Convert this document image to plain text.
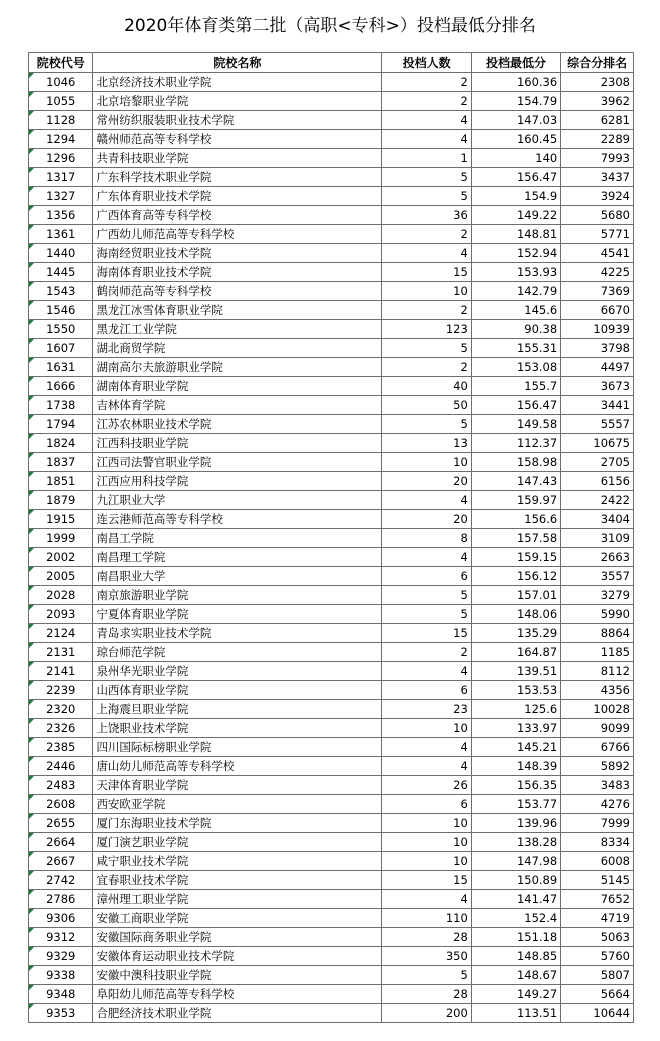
2020年体育类第二批（高职<专科>）投档最低分排名
院校代号	院校名称	投档人数	投档最低分	综合分排名
1046	北京经济技术职业学院	2	160.36	2308
1055	北京培黎职业学院	2	154.79	3962
1128	常州纺织服装职业技术学院	4	147.03	6281
1294	赣州师范高等专科学校	4	160.45	2289
1296	共青科技职业学院	1	140	7993
1317	广东科学技术职业学院	5	156.47	3437
1327	广东体育职业技术学院	5	154.9	3924
1356	广西体育高等专科学校	36	149.22	5680
1361	广西幼儿师范高等专科学校	2	148.81	5771
1440	海南经贸职业技术学院	4	152.94	4541
1445	海南体育职业技术学院	15	153.93	4225
1543	鹤岗师范高等专科学校	10	142.79	7369
1546	黑龙江冰雪体育职业学院	2	145.6	6670
1550	黑龙江工业学院	123	90.38	10939
1607	湖北商贸学院	5	155.31	3798
1631	湖南高尔夫旅游职业学院	2	153.08	4497
1666	湖南体育职业学院	40	155.7	3673
1738	吉林体育学院	50	156.47	3441
1794	江苏农林职业技术学院	5	149.58	5557
1824	江西科技职业学院	13	112.37	10675
1837	江西司法警官职业学院	10	158.98	2705
1851	江西应用科技学院	20	147.43	6156
1879	九江职业大学	4	159.97	2422
1915	连云港师范高等专科学校	20	156.6	3404
1999	南昌工学院	8	157.58	3109
2002	南昌理工学院	4	159.15	2663
2005	南昌职业大学	6	156.12	3557
2028	南京旅游职业学院	5	157.01	3279
2093	宁夏体育职业学院	5	148.06	5990
2124	青岛求实职业技术学院	15	135.29	8864
2131	琼台师范学院	2	164.87	1185
2141	泉州华光职业学院	4	139.51	8112
2239	山西体育职业学院	6	153.53	4356
2320	上海震旦职业学院	23	125.6	10028
2326	上饶职业技术学院	10	133.97	9099
2385	四川国际标榜职业学院	4	145.21	6766
2446	唐山幼儿师范高等专科学校	4	148.39	5892
2483	天津体育职业学院	26	156.35	3483
2608	西安欧亚学院	6	153.77	4276
2655	厦门东海职业技术学院	10	139.96	7999
2664	厦门演艺职业学院	10	138.28	8334
2667	咸宁职业技术学院	10	147.98	6008
2742	宜春职业技术学院	15	150.89	5145
2786	漳州理工职业学院	4	141.47	7652
9306	安徽工商职业学院	110	152.4	4719
9312	安徽国际商务职业学院	28	151.18	5063
9329	安徽体育运动职业技术学院	350	148.85	5760
9338	安徽中澳科技职业学院	5	148.67	5807
9348	阜阳幼儿师范高等专科学校	28	149.27	5664
9353	合肥经济技术职业学院	200	113.51	10644
